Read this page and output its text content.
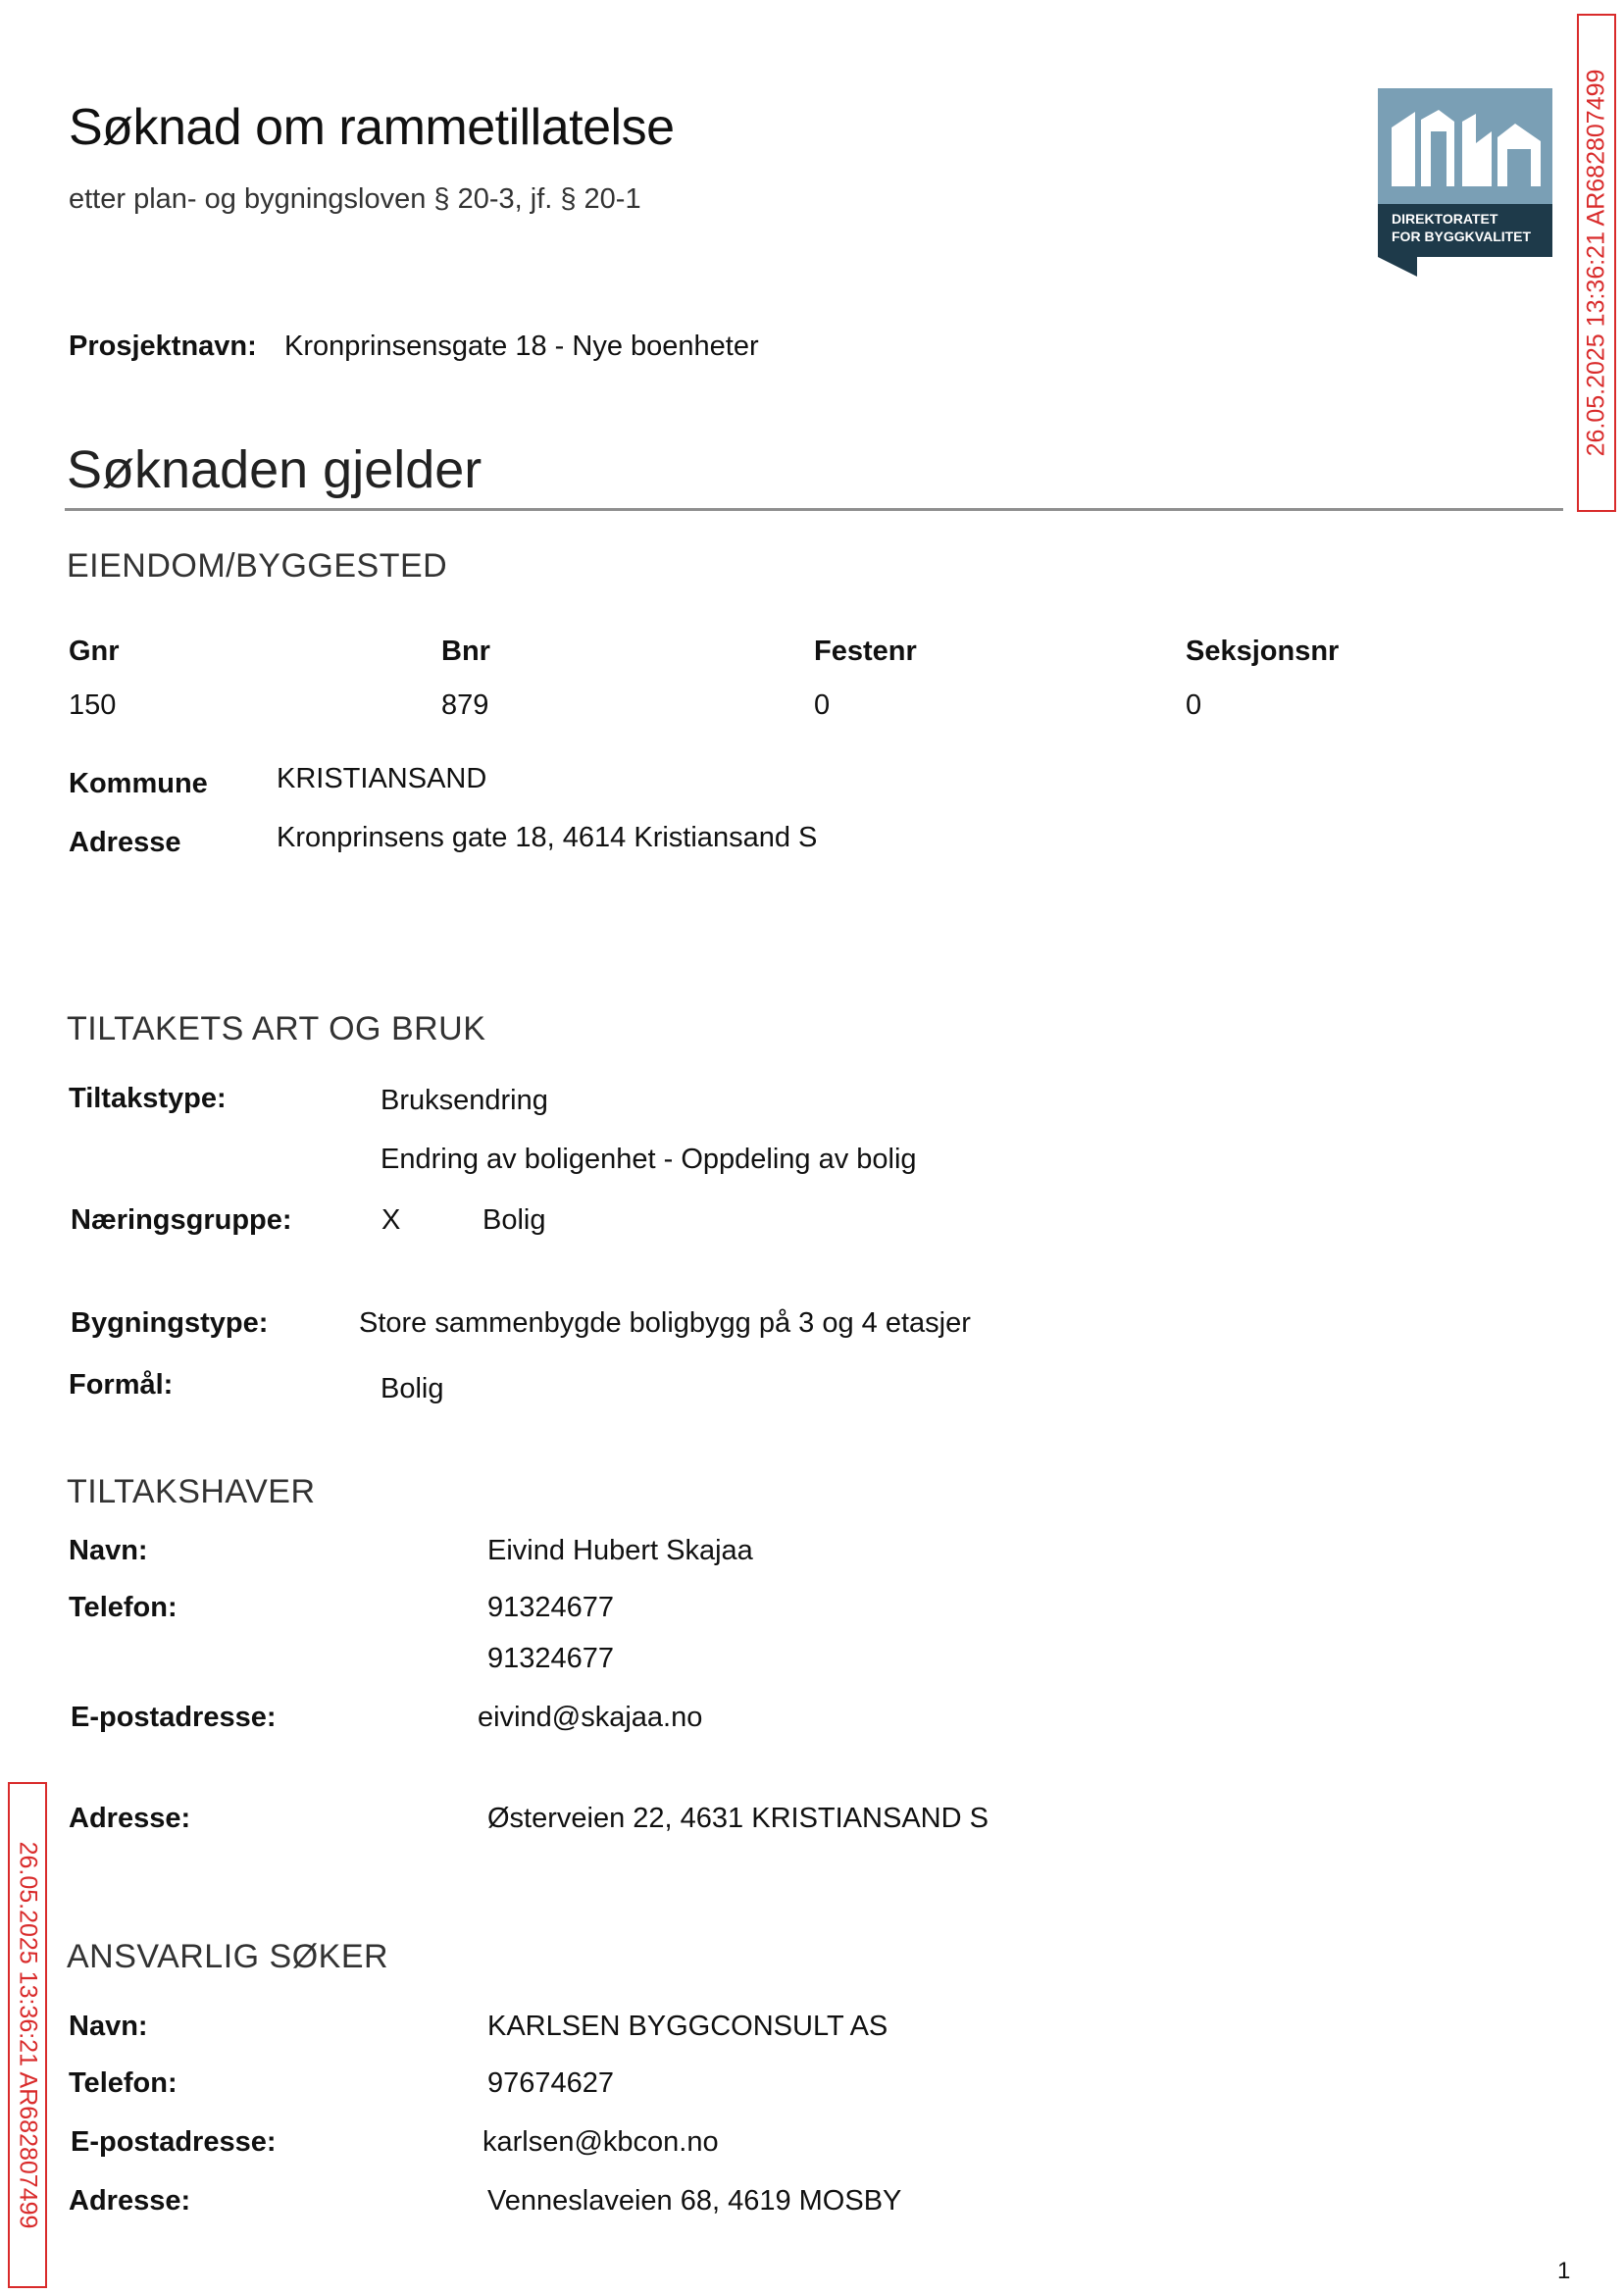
Søknad om rammetillatelse
etter plan- og bygningsloven § 20-3, jf. § 20-1
DIREKTORATET
FOR BYGGKVALITET 26.05.2025 13:36:21 AR682807499
26.05.2025 13:36:21 AR682807499
Prosjektnavn: Kronprinsensgate 18 - Nye boenheter
Søknaden gjelder
EIENDOM/BYGGESTED
Gnr	Bnr	Festenr	Seksjonsnr
150	879	0	0
Kommune KRISTIANSAND
Adresse	Kronprinsens gate 18, 4614 Kristiansand S
TILTAKETS ART OG BRUK
Tiltakstype:	Bruksendring
Endring av boligenhet - Oppdeling av bolig
Næringsgruppe:	X	Bolig
Bygningstype:	Store sammenbygde boligbygg på 3 og 4 etasjer
Formål:	Bolig
TILTAKSHAVER
Navn:	Eivind Hubert Skajaa
Telefon:	91324677
91324677
E-postadresse:	eivind@skajaa.no
Adresse:	Østerveien 22, 4631 KRISTIANSAND S
ANSVARLIG SØKER
Navn:	KARLSEN BYGGCONSULT AS
Telefon:	97674627
E-postadresse:	karlsen@kbcon.no
Adresse:	Venneslaveien 68, 4619 MOSBY
1
